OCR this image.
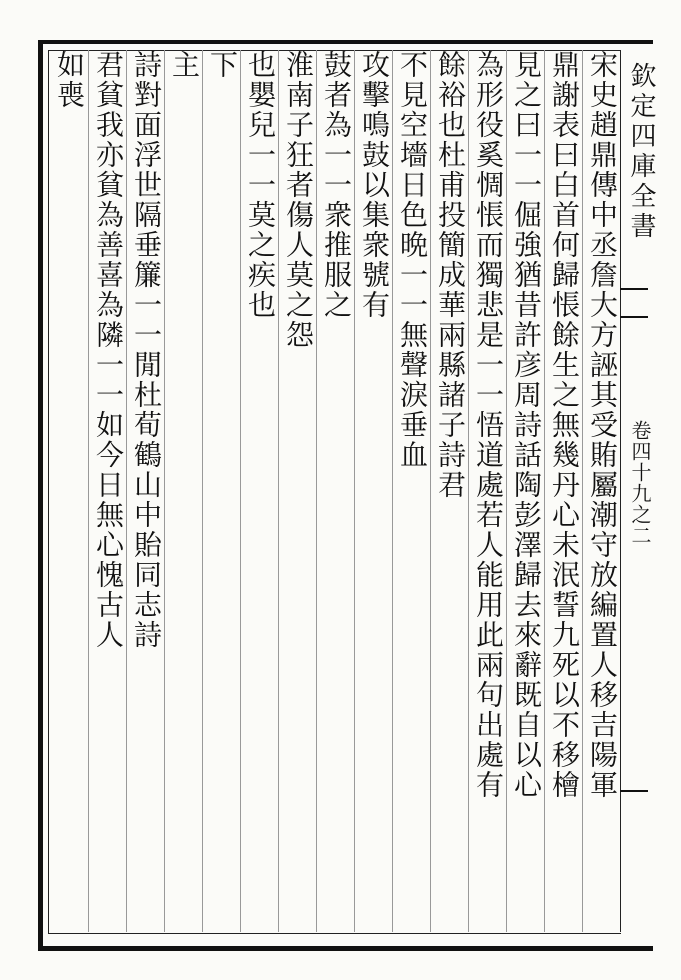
欽定四庫全書
卷四十九之二
宋史趙鼎傳中丞詹大方誣其受賄屬潮守放編置人移吉陽軍
鼎謝表曰白首何歸悵餘生之無幾丹心未泯誓九死以不移檜
見之曰一一倔強猶昔許彦周詩話陶彭澤歸去來辭既自以心
為形役奚惆悵而獨悲是一一悟道處若人能用此兩句出處有
餘裕也杜甫投簡成華兩縣諸子詩君
不見空墻日色晩一一無聲淚垂血
攻擊鳴鼓以集衆號有
鼓者為一一衆推服之
淮南子狂者傷人莫之怨
也嬰兒一一莫之疾也
下
主
詩對面浮世隔垂簾一一閒杜荀鶴山中貽同志詩
君貧我亦貧為善喜為隣一一如今日無心愧古人
如喪
